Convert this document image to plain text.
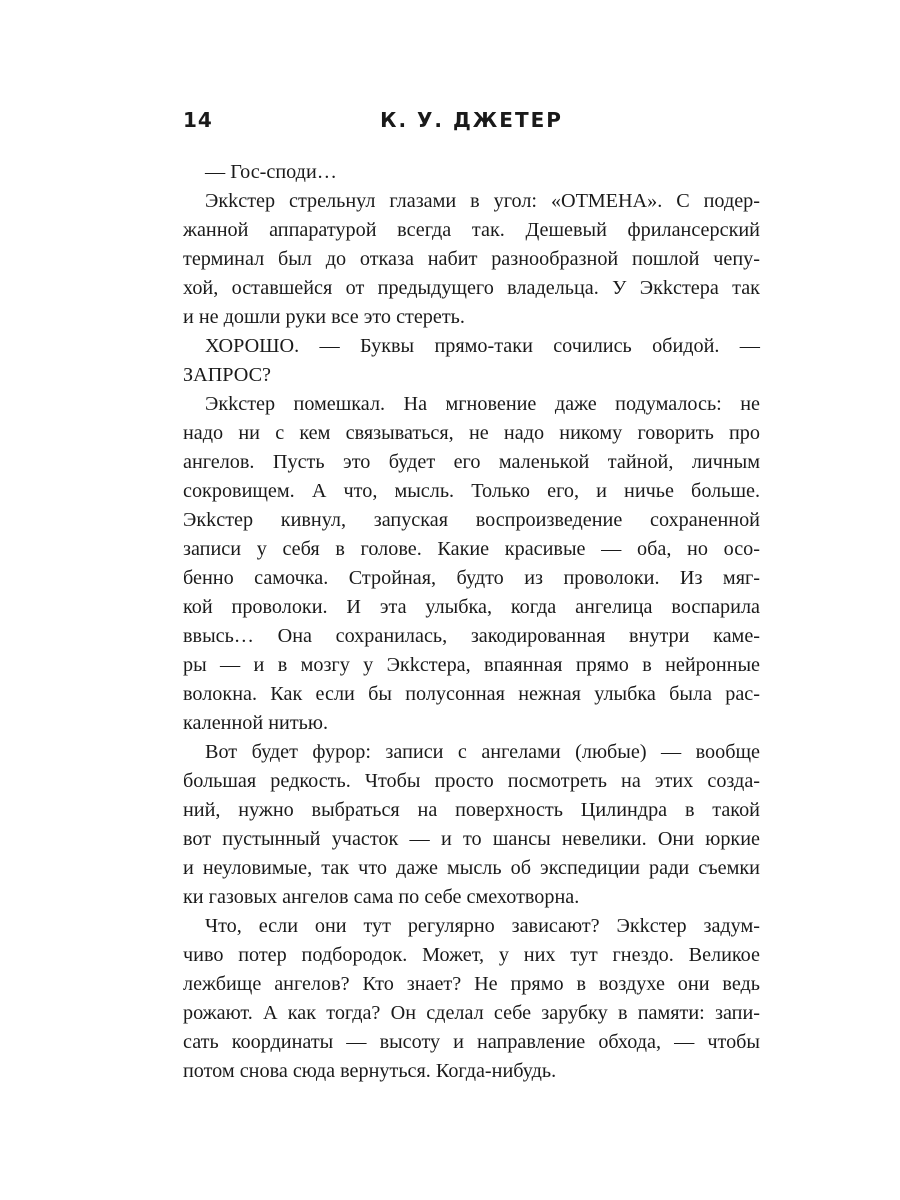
14	К. У. ДЖЕТЕР
— Гос-споди…
Экkстер стрельнул глазами в угол: «ОТМЕНА». С подер-
жанной аппаратурой всегда так. Дешевый фрилансерский
терминал был до отказа набит разнообразной пошлой чепу-
хой, оставшейся от предыдущего владельца. У Экkстера так
и не дошли руки все это стереть.
ХОРОШО. — Буквы прямо-таки сочились обидой. —
ЗАПРОС?
Экkстер помешкал. На мгновение даже подумалось: не
надо ни с кем связываться, не надо никому говорить про
ангелов. Пусть это будет его маленькой тайной, личным
сокровищем. А что, мысль. Только его, и ничье больше.
Экkстер кивнул, запуская воспроизведение сохраненной
записи у себя в голове. Какие красивые — оба, но осо-
бенно самочка. Стройная, будто из проволоки. Из мяг-
кой проволоки. И эта улыбка, когда ангелица воспарила
ввысь… Она сохранилась, закодированная внутри каме-
ры — и в мозгу у Экkстера, впаянная прямо в нейронные
волокна. Как если бы полусонная нежная улыбка была рас-
каленной нитью.
Вот будет фурор: записи с ангелами (любые) — вообще
большая редкость. Чтобы просто посмотреть на этих созда-
ний, нужно выбраться на поверхность Цилиндра в такой
вот пустынный участок — и то шансы невелики. Они юркие
и неуловимые, так что даже мысль об экспедиции ради съемки
ки газовых ангелов сама по себе смехотворна.
Что, если они тут регулярно зависают? Экkстер задум-
чиво потер подбородок. Может, у них тут гнездо. Великое
лежбище ангелов? Кто знает? Не прямо в воздухе они ведь
рожают. А как тогда? Он сделал себе зарубку в памяти: запи-
сать координаты — высоту и направление обхода, — чтобы
потом снова сюда вернуться. Когда-нибудь.
